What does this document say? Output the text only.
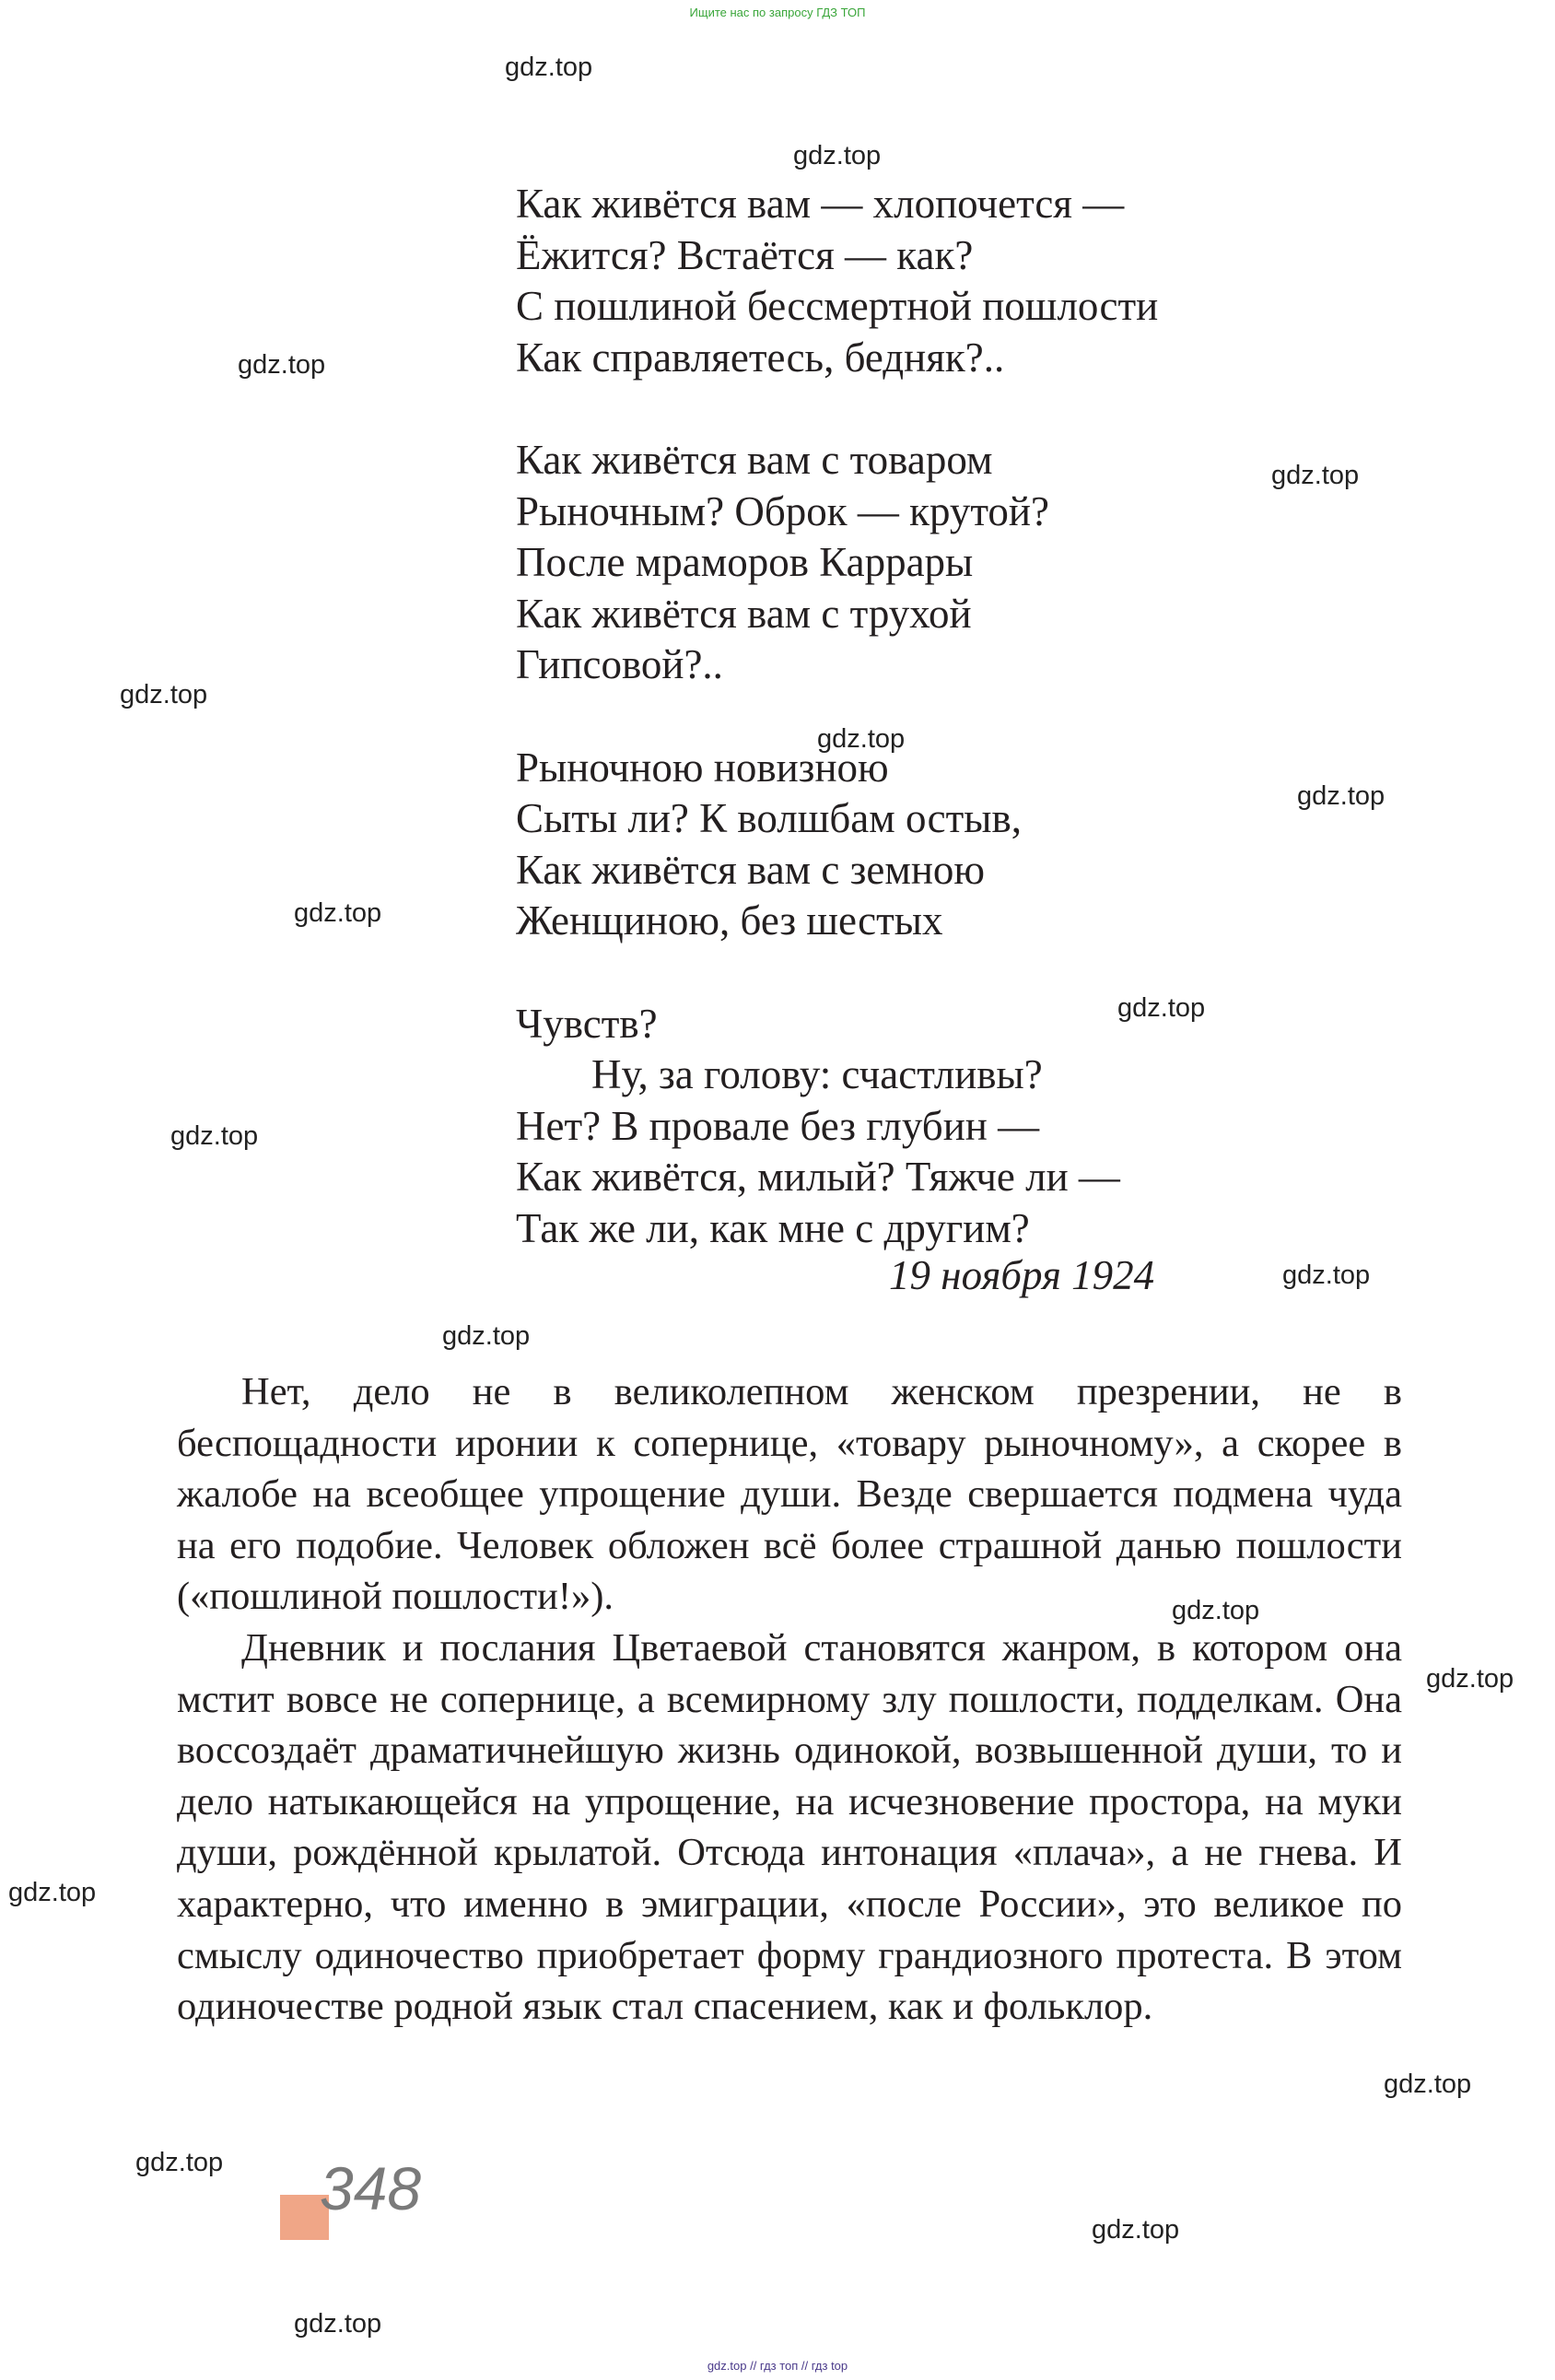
Ищите нас по запросу ГДЗ ТОП
gdz.top
gdz.top
gdz.top
gdz.top
gdz.top
gdz.top
gdz.top
gdz.top
gdz.top
gdz.top
gdz.top
gdz.top
gdz.top
gdz.top
gdz.top
gdz.top
gdz.top
gdz.top
gdz.top
Как живётся вам — хлопочется —
Ёжится? Встаётся — как?
С пошлиной бессмертной пошлости
Как справляетесь, бедняк?..
Как живётся вам с товаром
Рыночным? Оброк — крутой?
После мраморов Каррары
Как живётся вам с трухой
Гипсовой?..
Рыночною новизною
Сыты ли? К волшбам остыв,
Как живётся вам с земною
Женщиною, без шестых
Чувств?
Ну, за голову: счастливы?
Нет? В провале без глубин —
Как живётся, милый? Тяжче ли —
Так же ли, как мне с другим?
19 ноября 1924

Нет, дело не в великолепном женском презрении, не в беспощадности иронии к сопернице, «товару рыночному», а скорее в жалобе на всеобщее упрощение души. Везде свершается подмена чуда на его подобие. Человек обложен всё более страшной данью пошлости («пошлиной пошлости!»).

Дневник и послания Цветаевой становятся жанром, в котором она мстит вовсе не сопернице, а всемирному злу пошлости, подделкам. Она воссоздаёт драматичнейшую жизнь одинокой, возвышенной души, то и дело натыкающейся на упрощение, на исчезновение простора, на муки души, рождённой крылатой. Отсюда интонация «плача», а не гнева. И характерно, что именно в эмиграции, «после России», это великое по смыслу одиночество приобретает форму грандиозного протеста. В этом одиночестве родной язык стал спасением, как и фольклор.

348
gdz.top // гдз топ // гдз top
